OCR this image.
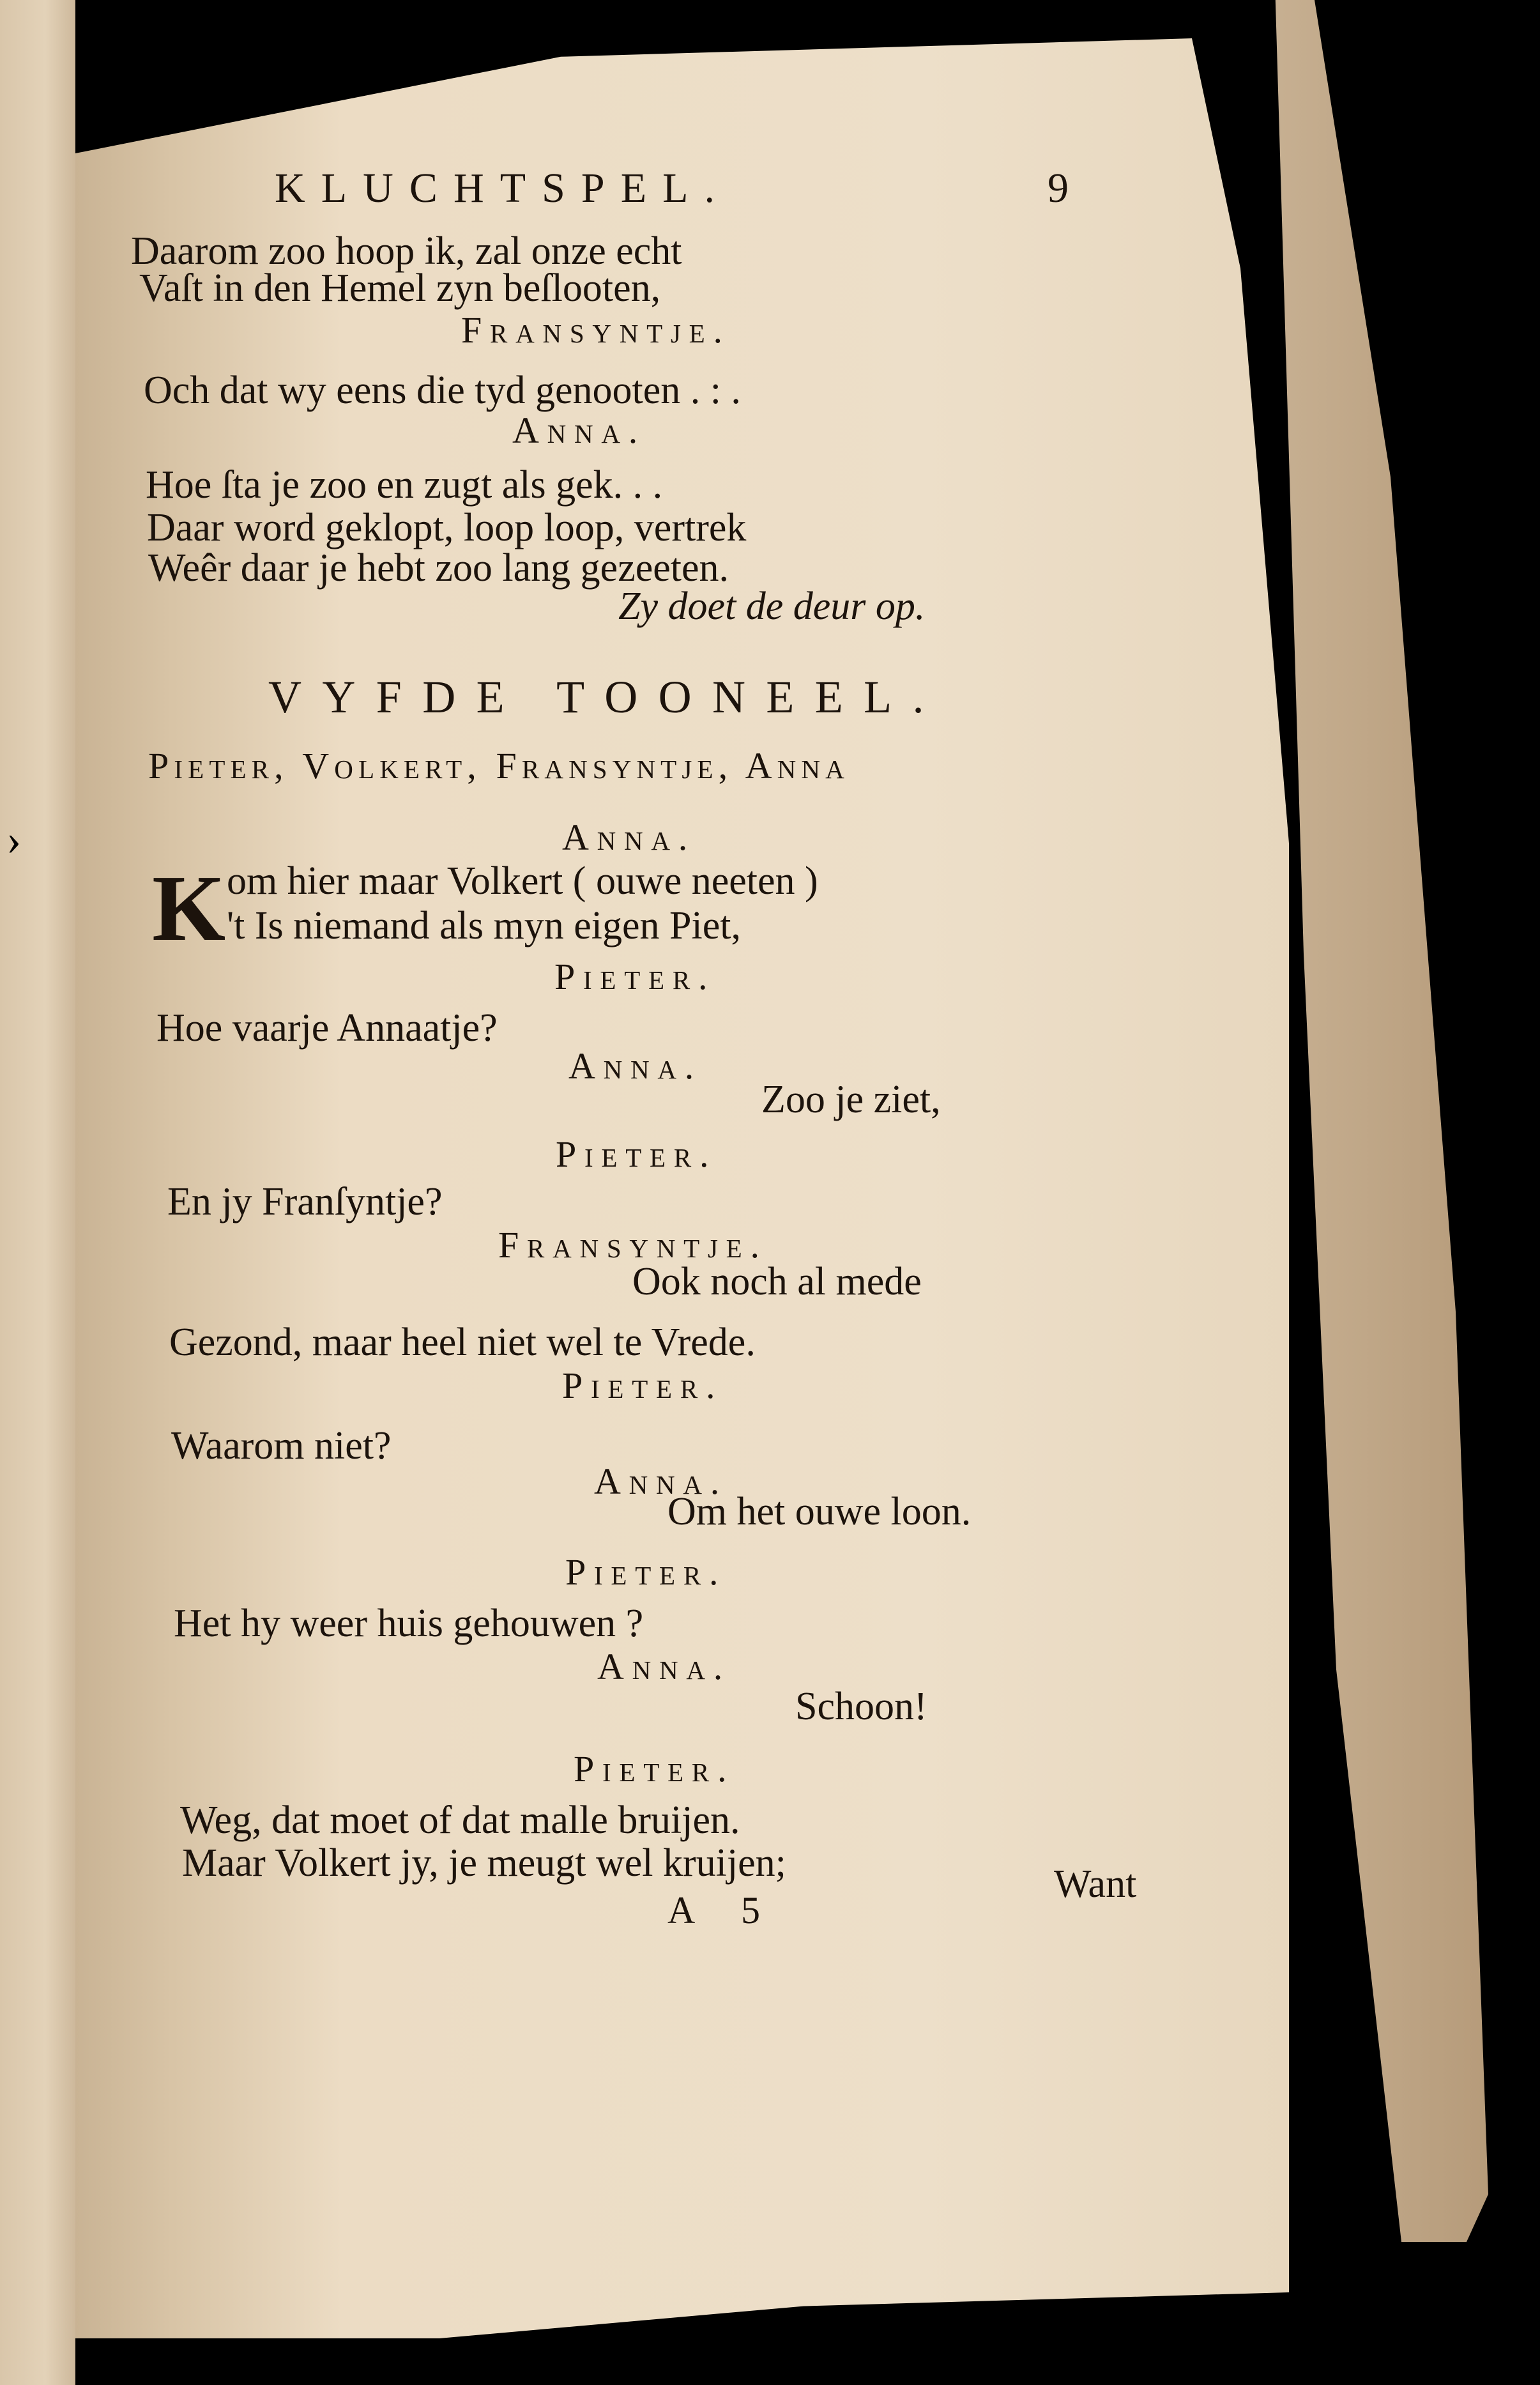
›
KLUCHTSPEL.	9
Daarom zoo hoop ik, zal onze echt
Vaſt in den Hemel zyn beſlooten,
Fransyntje.
Och dat wy eens die tyd genooten . : .
Anna.
Hoe ſta je zoo en zugt als gek. . .
Daar word geklopt, loop loop, vertrek
Weêr daar je hebt zoo lang gezeeten.
Zy doet de deur op.
VYFDE TOONEEL.
Pieter, Volkert, Fransyntje, Anna
Anna.
K om hier maar Volkert ( ouwe neeten )
't Is niemand als myn eigen Piet,
Pieter.
Hoe vaarje Annaatje?
Anna.
Zoo je ziet,
Pieter.
En jy Franſyntje?
Fransyntje.
Ook noch al mede
Gezond, maar heel niet wel te Vrede.
Pieter.
Waarom niet?
Anna.
Om het ouwe loon.
Pieter.
Het hy weer huis gehouwen ?
Anna.
Schoon!
Pieter.
Weg, dat moet of dat malle bruijen.
Maar Volkert jy, je meugt wel kruijen;
A 5
Want
